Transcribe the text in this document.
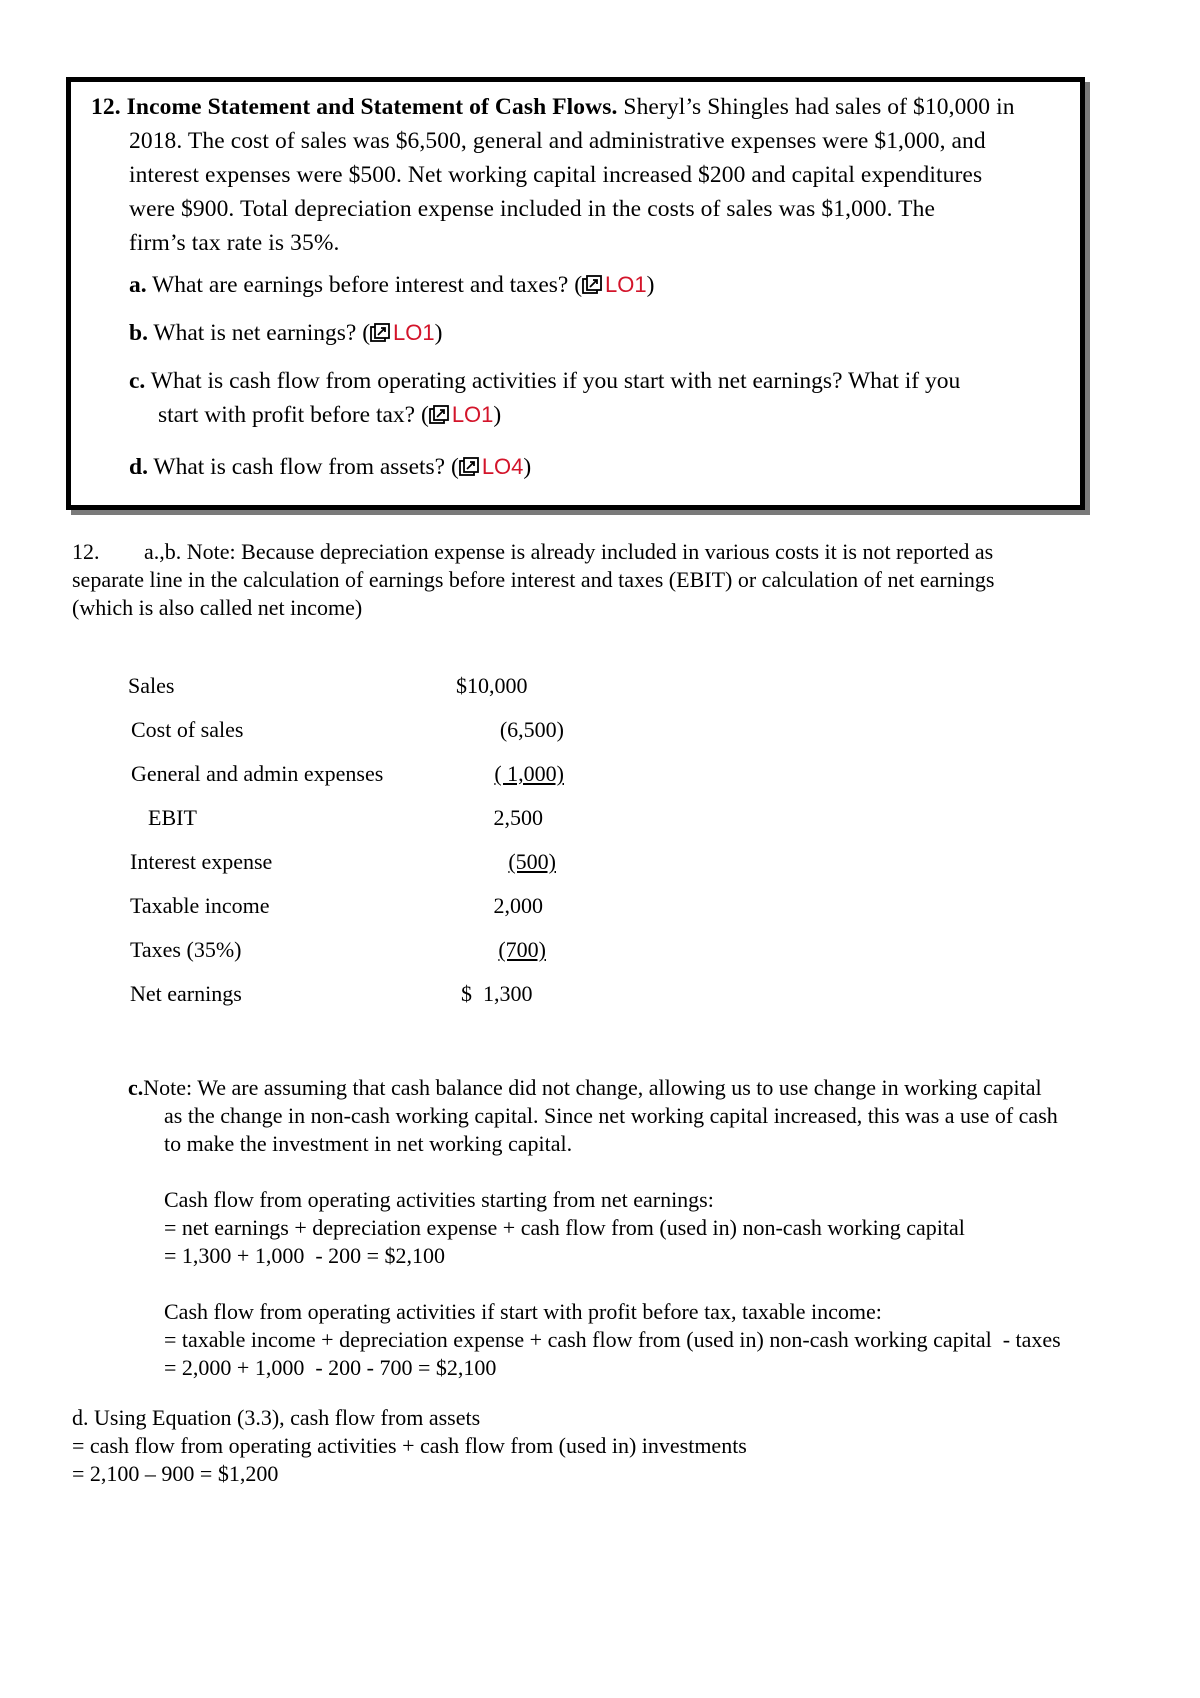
12. Income Statement and Statement of Cash Flows. Sheryl’s Shingles had sales of $10,000 in
2018. The cost of sales was $6,500, general and administrative expenses were $1,000, and
interest expenses were $500. Net working capital increased $200 and capital expenditures
were $900. Total depreciation expense included in the costs of sales was $1,000. The
firm’s tax rate is 35%.
a. What are earnings before interest and taxes? ( LO1)
b. What is net earnings? ( LO1)
c. What is cash flow from operating activities if you start with net earnings? What if you
start with profit before tax? ( LO1)
d. What is cash flow from assets? ( LO4)
12. a.,b. Note: Because depreciation expense is already included in various costs it is not reported as
separate line in the calculation of earnings before interest and taxes (EBIT) or calculation of net earnings
(which is also called net income)
Sales	$10,000
Cost of sales	(6,500)
General and admin expenses	( 1,000)
EBIT	2,500
Interest expense	(500)
Taxable income	2,000
Taxes (35%)	(700)
Net earnings	$  1,300
c.Note: We are assuming that cash balance did not change, allowing us to use change in working capital
as the change in non-cash working capital. Since net working capital increased, this was a use of cash
to make the investment in net working capital.
Cash flow from operating activities starting from net earnings:
= net earnings + depreciation expense + cash flow from (used in) non-cash working capital
= 1,300 + 1,000  - 200 = $2,100
Cash flow from operating activities if start with profit before tax, taxable income:
= taxable income + depreciation expense + cash flow from (used in) non-cash working capital  - taxes
= 2,000 + 1,000  - 200 - 700 = $2,100
d. Using Equation (3.3), cash flow from assets
= cash flow from operating activities + cash flow from (used in) investments
= 2,100 – 900 = $1,200
